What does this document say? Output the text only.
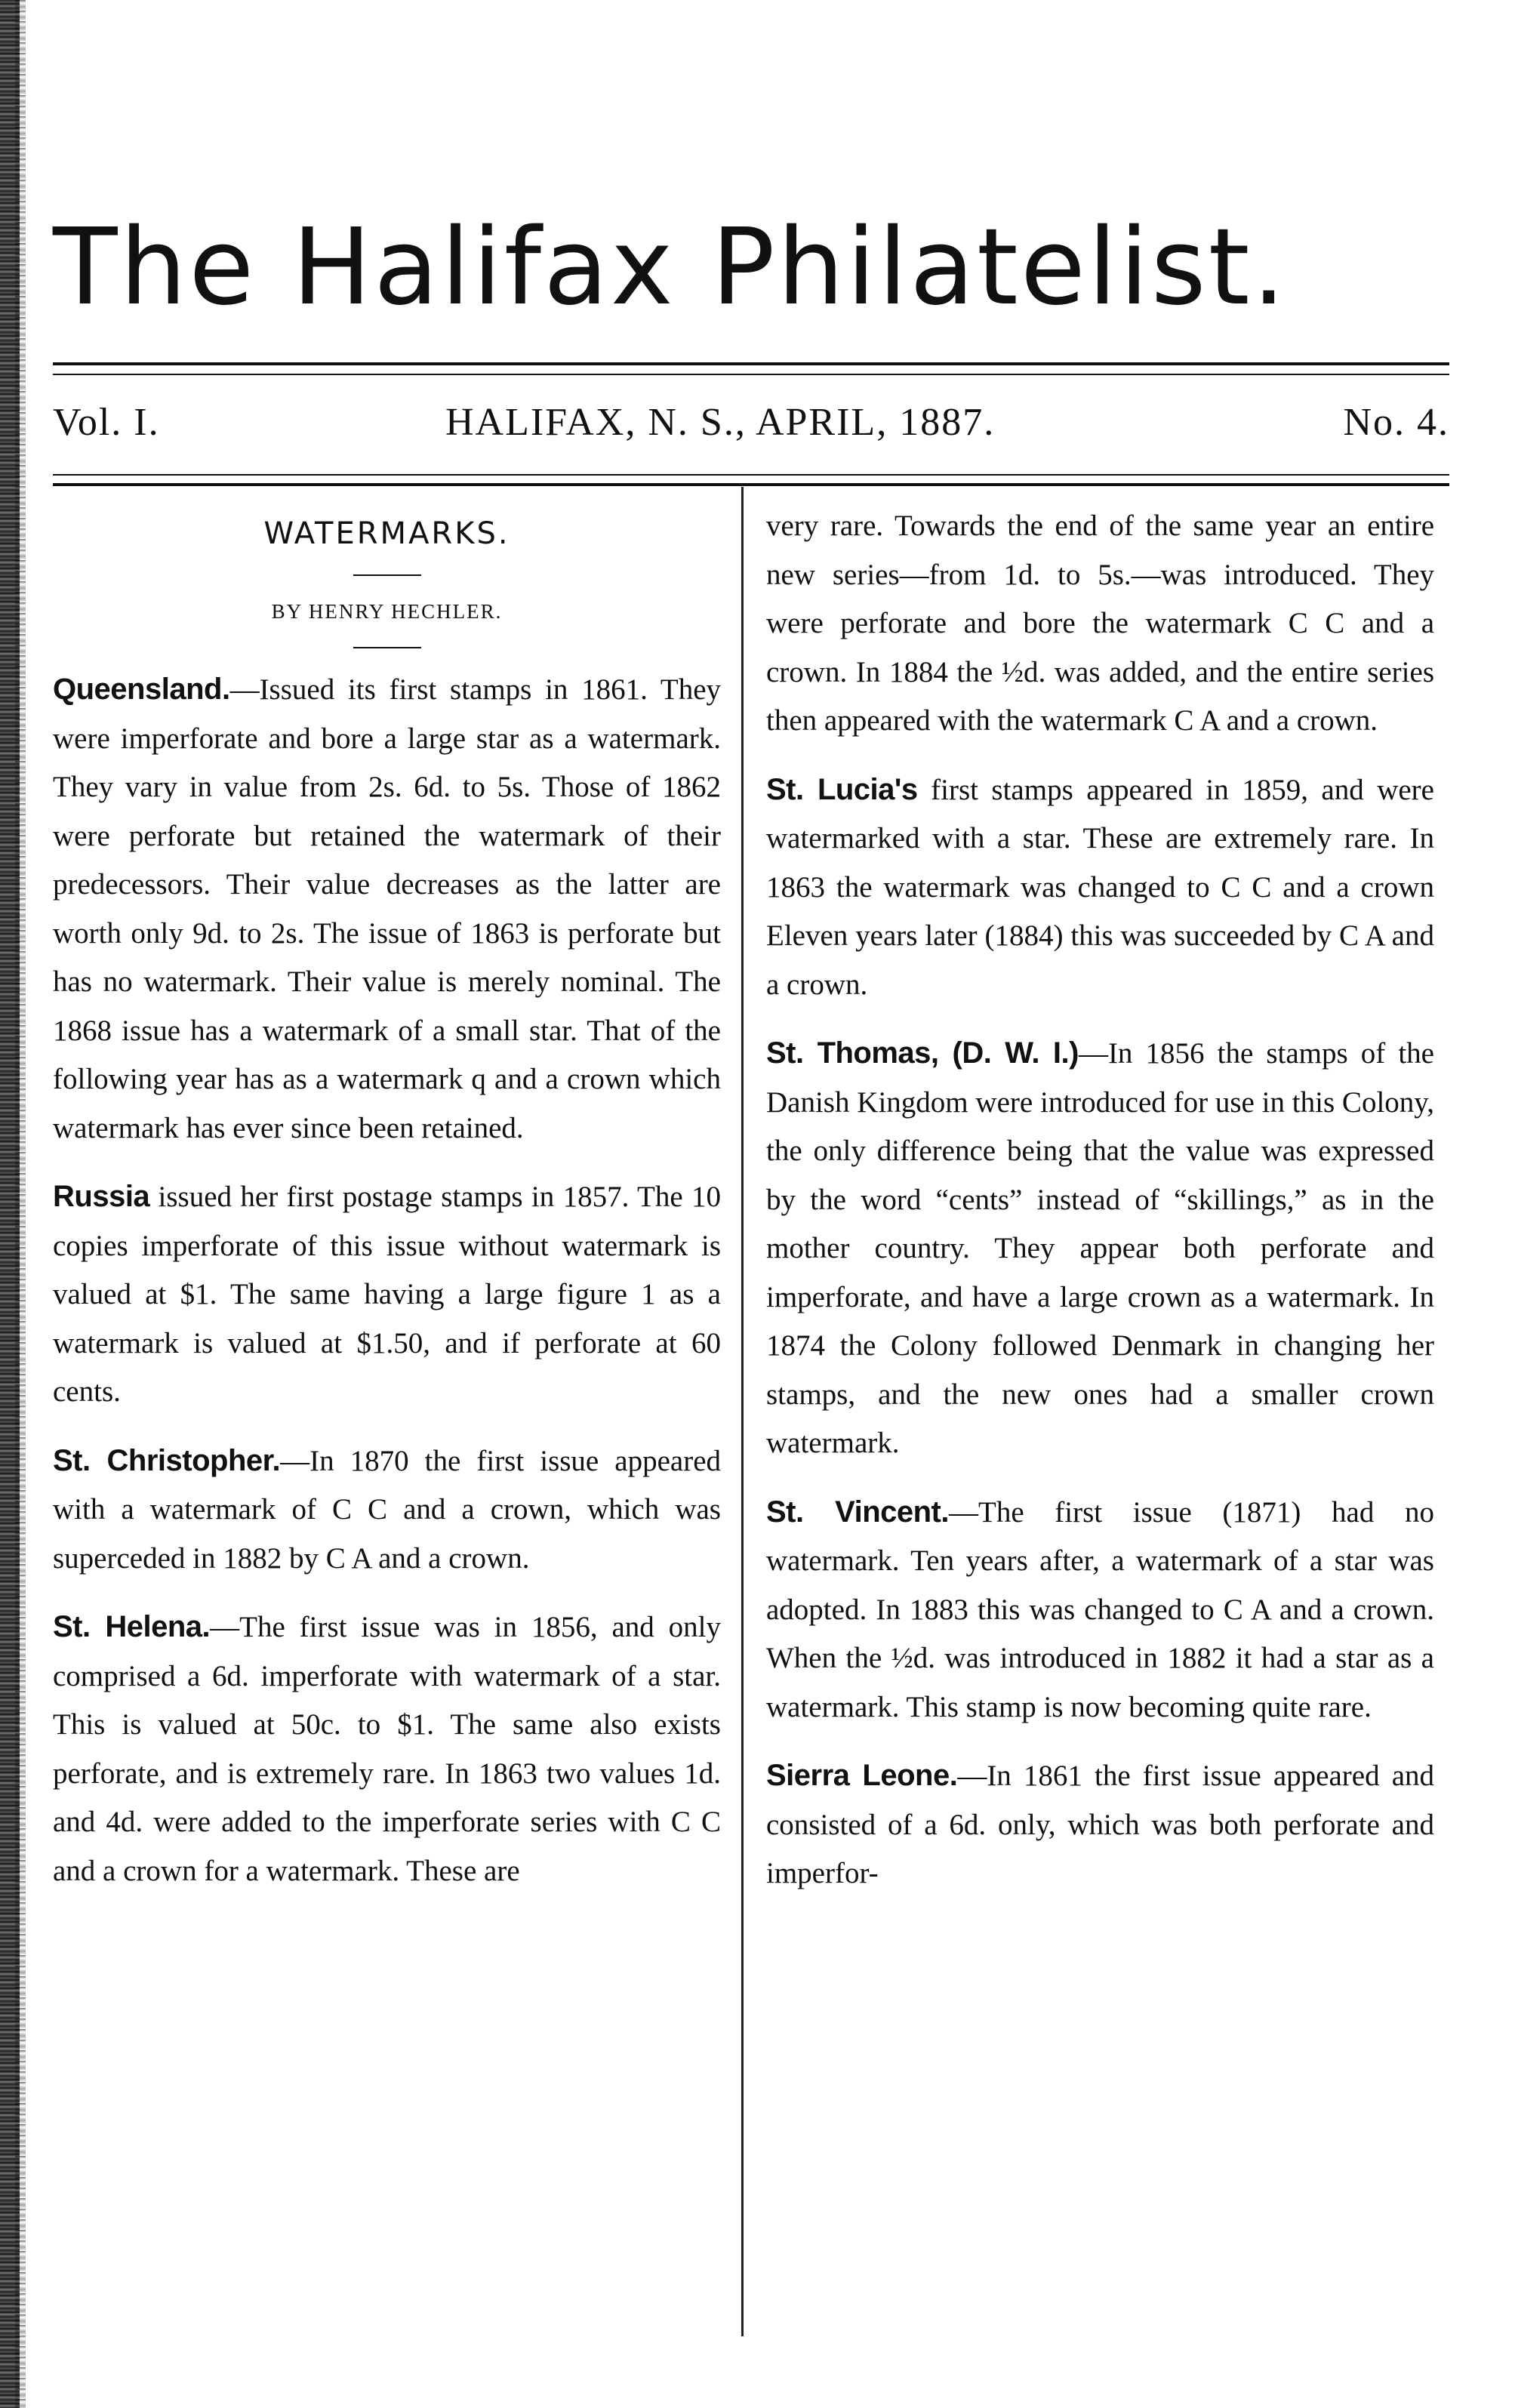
The Halifax Philatelist.
Vol. I.	HALIFAX, N. S., APRIL, 1887.	No. 4.
WATERMARKS.
BY HENRY HECHLER.

Queensland.—Issued its first stamps in 1861. They were imperforate and bore a large star as a watermark. They vary in value from 2s. 6d. to 5s. Those of 1862 were perforate but retained the watermark of their predecessors. Their value decreases as the latter are worth only 9d. to 2s. The issue of 1863 is perforate but has no watermark. Their value is merely nominal. The 1868 issue has a watermark of a small star. That of the following year has as a watermark q and a crown which watermark has ever since been retained.

Russia issued her first postage stamps in 1857. The 10 copies imperforate of this issue without watermark is valued at $1. The same having a large figure 1 as a watermark is valued at $1.50, and if perforate at 60 cents.

St. Christopher.—In 1870 the first issue appeared with a watermark of C C and a crown, which was superceded in 1882 by C A and a crown.

St. Helena.—The first issue was in 1856, and only comprised a 6d. imperforate with watermark of a star. This is valued at 50c. to $1. The same also exists perforate, and is extremely rare. In 1863 two values 1d. and 4d. were added to the imperforate series with C C and a crown for a watermark. These are

very rare. Towards the end of the same year an entire new series—from 1d. to 5s.—was introduced. They were perforate and bore the watermark C C and a crown. In 1884 the ½d. was added, and the entire series then appeared with the watermark C A and a crown.

St. Lucia's first stamps appeared in 1859, and were watermarked with a star. These are extremely rare. In 1863 the watermark was changed to C C and a crown Eleven years later (1884) this was succeeded by C A and a crown.

St. Thomas, (D. W. I.)—In 1856 the stamps of the Danish Kingdom were introduced for use in this Colony, the only difference being that the value was expressed by the word “cents” instead of “skillings,” as in the mother country. They appear both perforate and imperforate, and have a large crown as a watermark. In 1874 the Colony followed Denmark in changing her stamps, and the new ones had a smaller crown watermark.

St. Vincent.—The first issue (1871) had no watermark. Ten years after, a watermark of a star was adopted. In 1883 this was changed to C A and a crown. When the ½d. was introduced in 1882 it had a star as a watermark. This stamp is now becoming quite rare.

Sierra Leone.—In 1861 the first issue appeared and consisted of a 6d. only, which was both perforate and imperfor-
